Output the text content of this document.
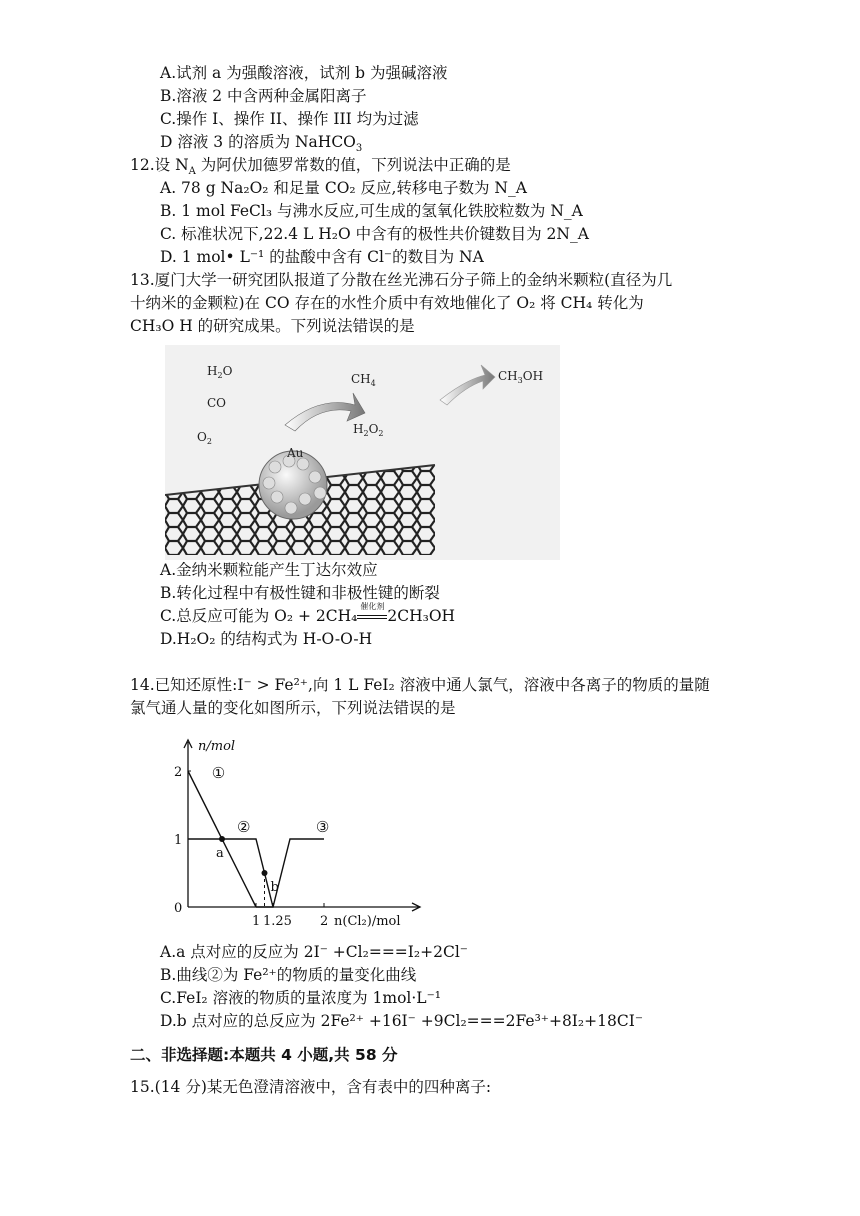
A.试剂 a 为强酸溶液，试剂 b 为强碱溶液
B.溶液 2 中含两种金属阳离子
C.操作 I、操作 II、操作 III 均为过滤
D 溶液 3 的溶质为 NaHCO$_3$
12.设 $N_A$ 为阿伏加德罗常数的值，下列说法中正确的是
A. 78 g Na₂O₂ 和足量 CO₂ 反应,转移电子数为 N_A
B. 1 mol FeCl₃ 与沸水反应,可生成的氢氧化铁胶粒数为 N_A
C. 标准状况下,22.4 L H₂O 中含有的极性共价键数目为 2N_A
D. 1 mol• L⁻¹ 的盐酸中含有 Cl⁻的数目为 NA
13.厦门大学一研究团队报道了分散在丝光沸石分子筛上的金纳米颗粒(直径为几
十纳米的金颗粒)在 CO 存在的水性介质中有效地催化了 O₂ 将 CH₄ 转化为
CH₃O H 的研究成果。下列说法错误的是
$H_2O$
CO
$O_2$
$CH_4$
$H_2O_2$
$CH_3OH$
Au
A.金纳米颗粒能产生丁达尔效应
B.转化过程中有极性键和非极性键的断裂
C.总反应可能为 O₂ + 2CH₄
催化剂
2CH₃OH
D.H₂O₂ 的结构式为 H-O-O-H
14.已知还原性:I⁻ > Fe²⁺,向 1 L FeI₂ 溶液中通人氯气，溶液中各离子的物质的量随
氯气通人量的变化如图所示，下列说法错误的是
0
1
2
1 1.25 2
n/mol
n(Cl₂)/mol
①
②	③
a
b
A.a 点对应的反应为 2I⁻ +Cl₂===I₂+2Cl⁻
B.曲线②为 Fe²⁺的物质的量变化曲线
C.FeI₂ 溶液的物质的量浓度为 1mol·L⁻¹
D.b 点对应的总反应为 2Fe²⁺ +16I⁻ +9Cl₂===2Fe³⁺+8I₂+18CI⁻
二、非选择题:本题共 4 小题,共 58 分
15.(14 分)某无色澄清溶液中，含有表中的四种离子:
